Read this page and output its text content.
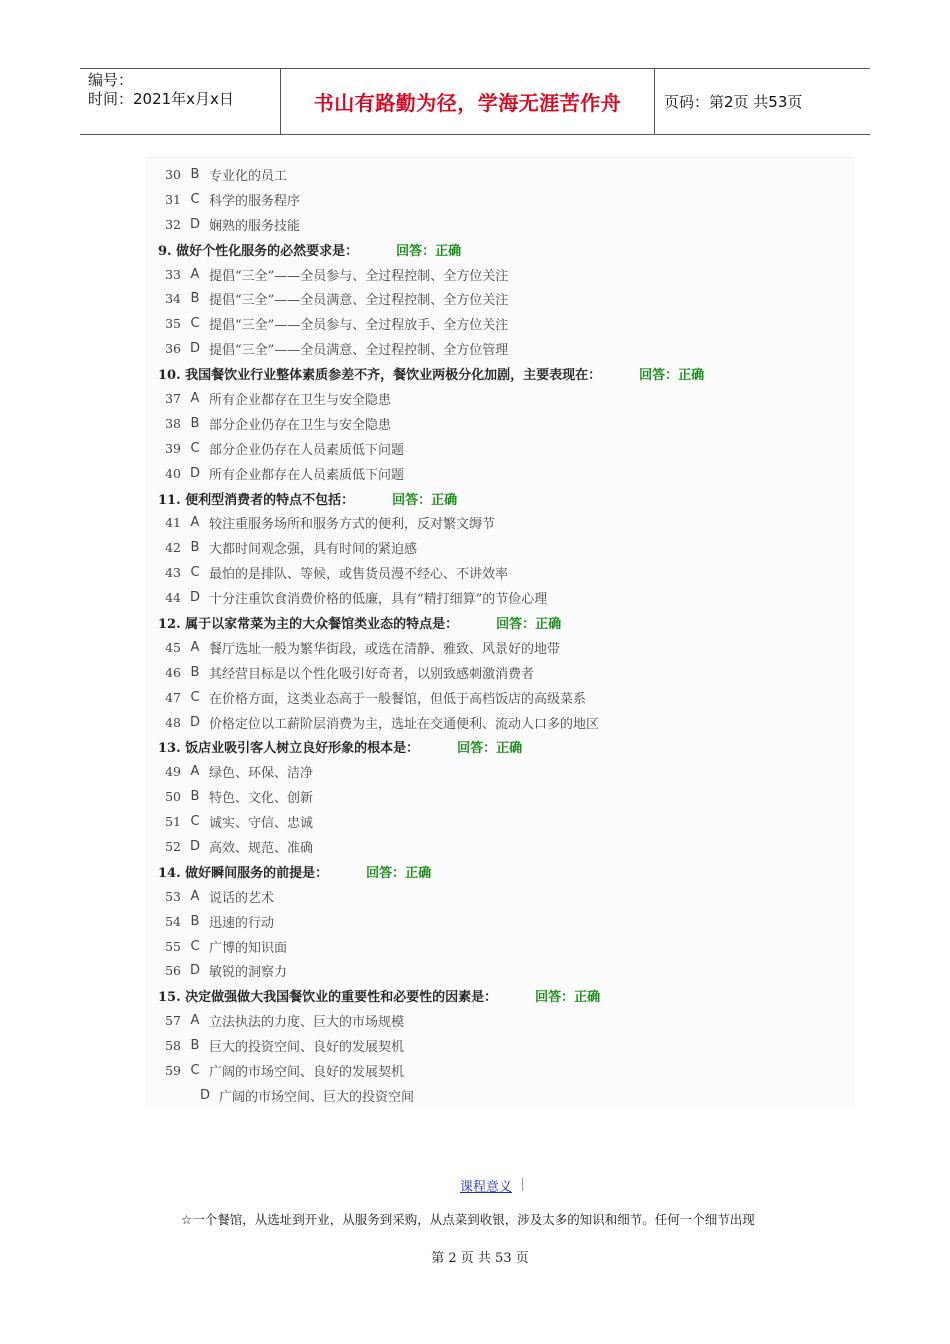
编号：
时间：2021年x月x日	书山有路勤为径，学海无涯苦作舟	页码：第2页 共53页
30 B 专业化的员工
31 C 科学的服务程序
32 D 娴熟的服务技能
9. 做好个性化服务的必然要求是：	回答：正确
33 A 提倡“三全”——全员参与、全过程控制、全方位关注
34 B 提倡“三全”——全员满意、全过程控制、全方位关注
35 C 提倡“三全”——全员参与、全过程放手、全方位关注
36 D 提倡“三全”——全员满意、全过程控制、全方位管理
10. 我国餐饮业行业整体素质参差不齐，餐饮业两极分化加剧，主要表现在：	回答：正确
37 A 所有企业都存在卫生与安全隐患
38 B 部分企业仍存在卫生与安全隐患
39 C 部分企业仍存在人员素质低下问题
40 D 所有企业都存在人员素质低下问题
11. 便利型消费者的特点不包括：	回答：正确
41 A 较注重服务场所和服务方式的便利，反对繁文缛节
42 B 大都时间观念强，具有时间的紧迫感
43 C 最怕的是排队、等候，或售货员漫不经心、不讲效率
44 D 十分注重饮食消费价格的低廉，具有“精打细算”的节俭心理
12. 属于以家常菜为主的大众餐馆类业态的特点是：	回答：正确
45 A 餐厅选址一般为繁华街段，或选在清静、雅致、风景好的地带
46 B 其经营目标是以个性化吸引好奇者，以别致感刺激消费者
47 C 在价格方面，这类业态高于一般餐馆，但低于高档饭店的高级菜系
48 D 价格定位以工薪阶层消费为主，选址在交通便利、流动人口多的地区
13. 饭店业吸引客人树立良好形象的根本是：	回答：正确
49 A 绿色、环保、洁净
50 B 特色、文化、创新
51 C 诚实、守信、忠诚
52 D 高效、规范、准确
14. 做好瞬间服务的前提是：	回答：正确
53 A 说话的艺术
54 B 迅速的行动
55 C 广博的知识面
56 D 敏锐的洞察力
15. 决定做强做大我国餐饮业的重要性和必要性的因素是：	回答：正确
57 A 立法执法的力度、巨大的市场规模
58 B 巨大的投资空间、良好的发展契机
59 C 广阔的市场空间、良好的发展契机
D 广阔的市场空间、巨大的投资空间
课程意义
☆一个餐馆，从选址到开业，从服务到采购，从点菜到收银，涉及太多的知识和细节。任何一个细节出现
第 2 页 共 53 页
